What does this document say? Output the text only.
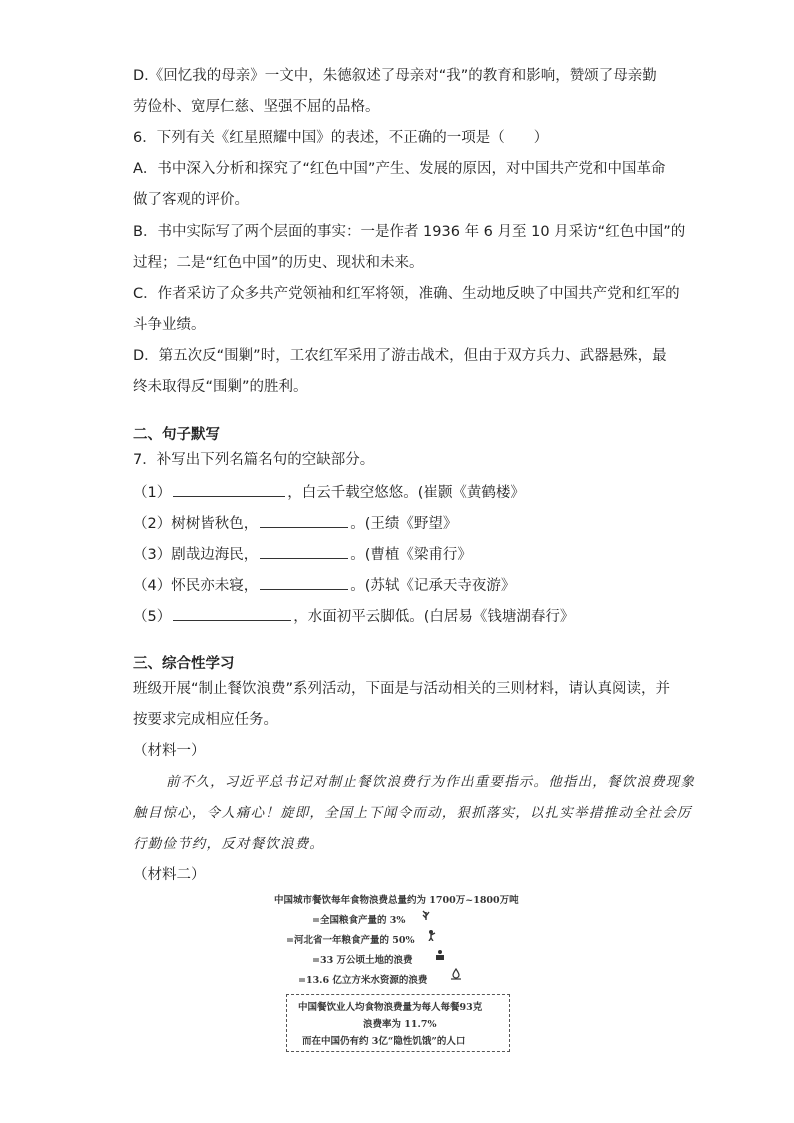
D.《回忆我的母亲》一文中，朱德叙述了母亲对“我”的教育和影响，赞颂了母亲勤
劳俭朴、宽厚仁慈、坚强不屈的品格。
6．下列有关《红星照耀中国》的表述，不正确的一项是（　　）
A．书中深入分析和探究了“红色中国”产生、发展的原因，对中国共产党和中国革命
做了客观的评价。
B．书中实际写了两个层面的事实：一是作者 1936 年 6 月至 10 月采访“红色中国”的
过程；二是“红色中国”的历史、现状和未来。
C．作者采访了众多共产党领袖和红军将领，准确、生动地反映了中国共产党和红军的
斗争业绩。
D．第五次反“围剿”时，工农红军采用了游击战术，但由于双方兵力、武器悬殊，最
终未取得反“围剿”的胜利。
二、句子默写
7．补写出下列名篇名句的空缺部分。
（1）	，白云千载空悠悠。(崔颢《黄鹤楼》
（2）树树皆秋色，	。(王绩《野望》
（3）剧哉边海民，	。(曹植《梁甫行》
（4）怀民亦未寝，	。(苏轼《记承天寺夜游》
（5）	，水面初平云脚低。(白居易《钱塘湖春行》
三、综合性学习
班级开展“制止餐饮浪费”系列活动，下面是与活动相关的三则材料，请认真阅读，并
按要求完成相应任务。
（材料一）
前不久，习近平总书记对制止餐饮浪费行为作出重要指示。他指出，餐饮浪费现象
触目惊心，令人痛心！旋即，全国上下闻令而动，狠抓落实，以扎实举措推动全社会厉
行勤俭节约，反对餐饮浪费。
（材料二）
中国城市餐饮每年食物浪费总量约为 1700万~1800万吨
=全国粮食产量的 3%
=河北省一年粮食产量的 50%
=33 万公顷土地的浪费
=13.6 亿立方米水资源的浪费
中国餐饮业人均食物浪费量为每人每餐93克
浪费率为 11.7%
而在中国仍有约 3亿“隐性饥饿”的人口
